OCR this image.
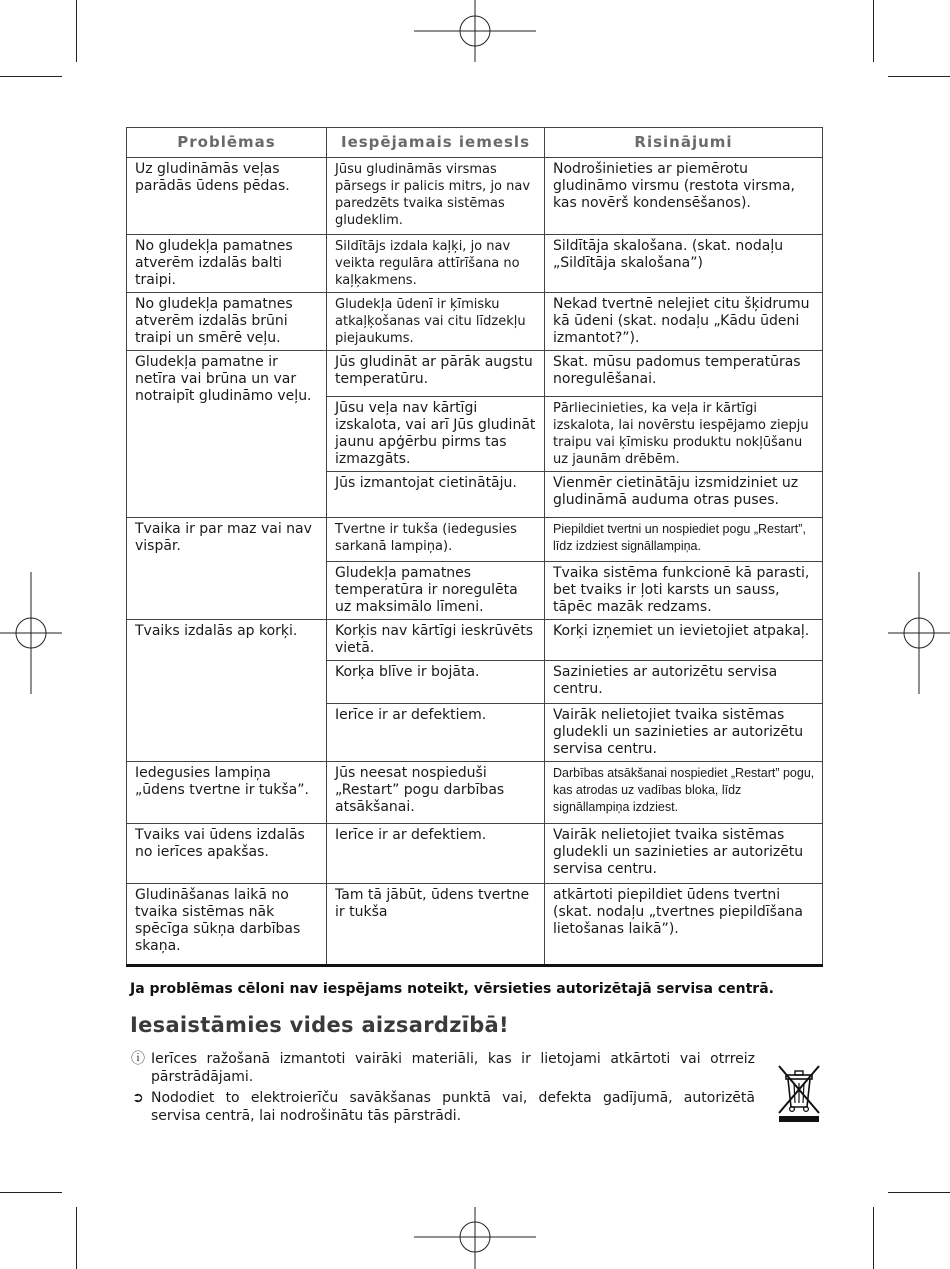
Problēmas	Iespējamais iemesls	Risinājumi
Uz gludināmās veļas parādās ūdens pēdas.	Jūsu gludināmās virsmas pārsegs ir palicis mitrs, jo nav paredzēts tvaika sistēmas gludeklim.	Nodrošinieties ar piemērotu gludināmo virsmu (restota virsma, kas novērš kondensēšanos).
No gludekļa pamatnes atverēm izdalās balti traipi.	Sildītājs izdala kaļķi, jo nav veikta regulāra attīrīšana no kaļķakmens.	Sildītāja skalošana. (skat. nodaļu „Sildītāja skalošana”)
No gludekļa pamatnes atverēm izdalās brūni traipi un smērē veļu.	Gludekļa ūdenī ir ķīmisku atkaļķošanas vai citu līdzekļu piejaukums.	Nekad tvertnē nelejiet citu šķidrumu kā ūdeni (skat. nodaļu „Kādu ūdeni izmantot?”).
Gludekļa pamatne ir netīra vai brūna un var notraipīt gludināmo veļu.	Jūs gludināt ar pārāk augstu temperatūru.	Skat. mūsu padomus temperatūras noregulēšanai.
	Jūsu veļa nav kārtīgi izskalota, vai arī Jūs gludināt jaunu apģērbu pirms tas izmazgāts.	Pārliecinieties, ka veļa ir kārtīgi izskalota, lai novērstu iespējamo ziepju traipu vai ķīmisku produktu nokļūšanu uz jaunām drēbēm.
	Jūs izmantojat cietinātāju.	Vienmēr cietinātāju izsmidziniet uz gludināmā auduma otras puses.
Tvaika ir par maz vai nav vispār.	Tvertne ir tukša (iedegusies sarkanā lampiņa).	Piepildiet tvertni un nospiediet pogu „Restart”, līdz izdziest signāllampiņa.
	Gludekļa pamatnes temperatūra ir noregulēta uz maksimālo līmeni.	Tvaika sistēma funkcionē kā parasti, bet tvaiks ir ļoti karsts un sauss, tāpēc mazāk redzams.
Tvaiks izdalās ap korķi.	Korķis nav kārtīgi ieskrūvēts vietā.	Korķi izņemiet un ievietojiet atpakaļ.
	Korķa blīve ir bojāta.	Sazinieties ar autorizētu servisa centru.
	Ierīce ir ar defektiem.	Vairāk nelietojiet tvaika sistēmas gludekli un sazinieties ar autorizētu servisa centru.
Iedegusies lampiņa „ūdens tvertne ir tukša”.	Jūs neesat nospieduši „Restart” pogu darbības atsākšanai.	Darbības atsākšanai nospiediet „Restart” pogu, kas atrodas uz vadības bloka, līdz signāllampiņa izdziest.
Tvaiks vai ūdens izdalās no ierīces apakšas.	Ierīce ir ar defektiem.	Vairāk nelietojiet tvaika sistēmas gludekli un sazinieties ar autorizētu servisa centru.
Gludināšanas laikā no tvaika sistēmas nāk spēcīga sūkņa darbības skaņa.	Tam tā jābūt, ūdens tvertne ir tukša	atkārtoti piepildiet ūdens tvertni (skat. nodaļu „tvertnes piepildīšana lietošanas laikā”).
Ja problēmas cēloni nav iespējams noteikt, vērsieties autorizētajā servisa centrā.
Iesaistāmies vides aizsardzībā!
ⓘ Ierīces ražošanā izmantoti vairāki materiāli, kas ir lietojami atkārtoti vai otrreiz pārstrādājami.
➲ Nododiet to elektroierīču savākšanas punktā vai, defekta gadījumā, autorizētā servisa centrā, lai nodrošinātu tās pārstrādi.
